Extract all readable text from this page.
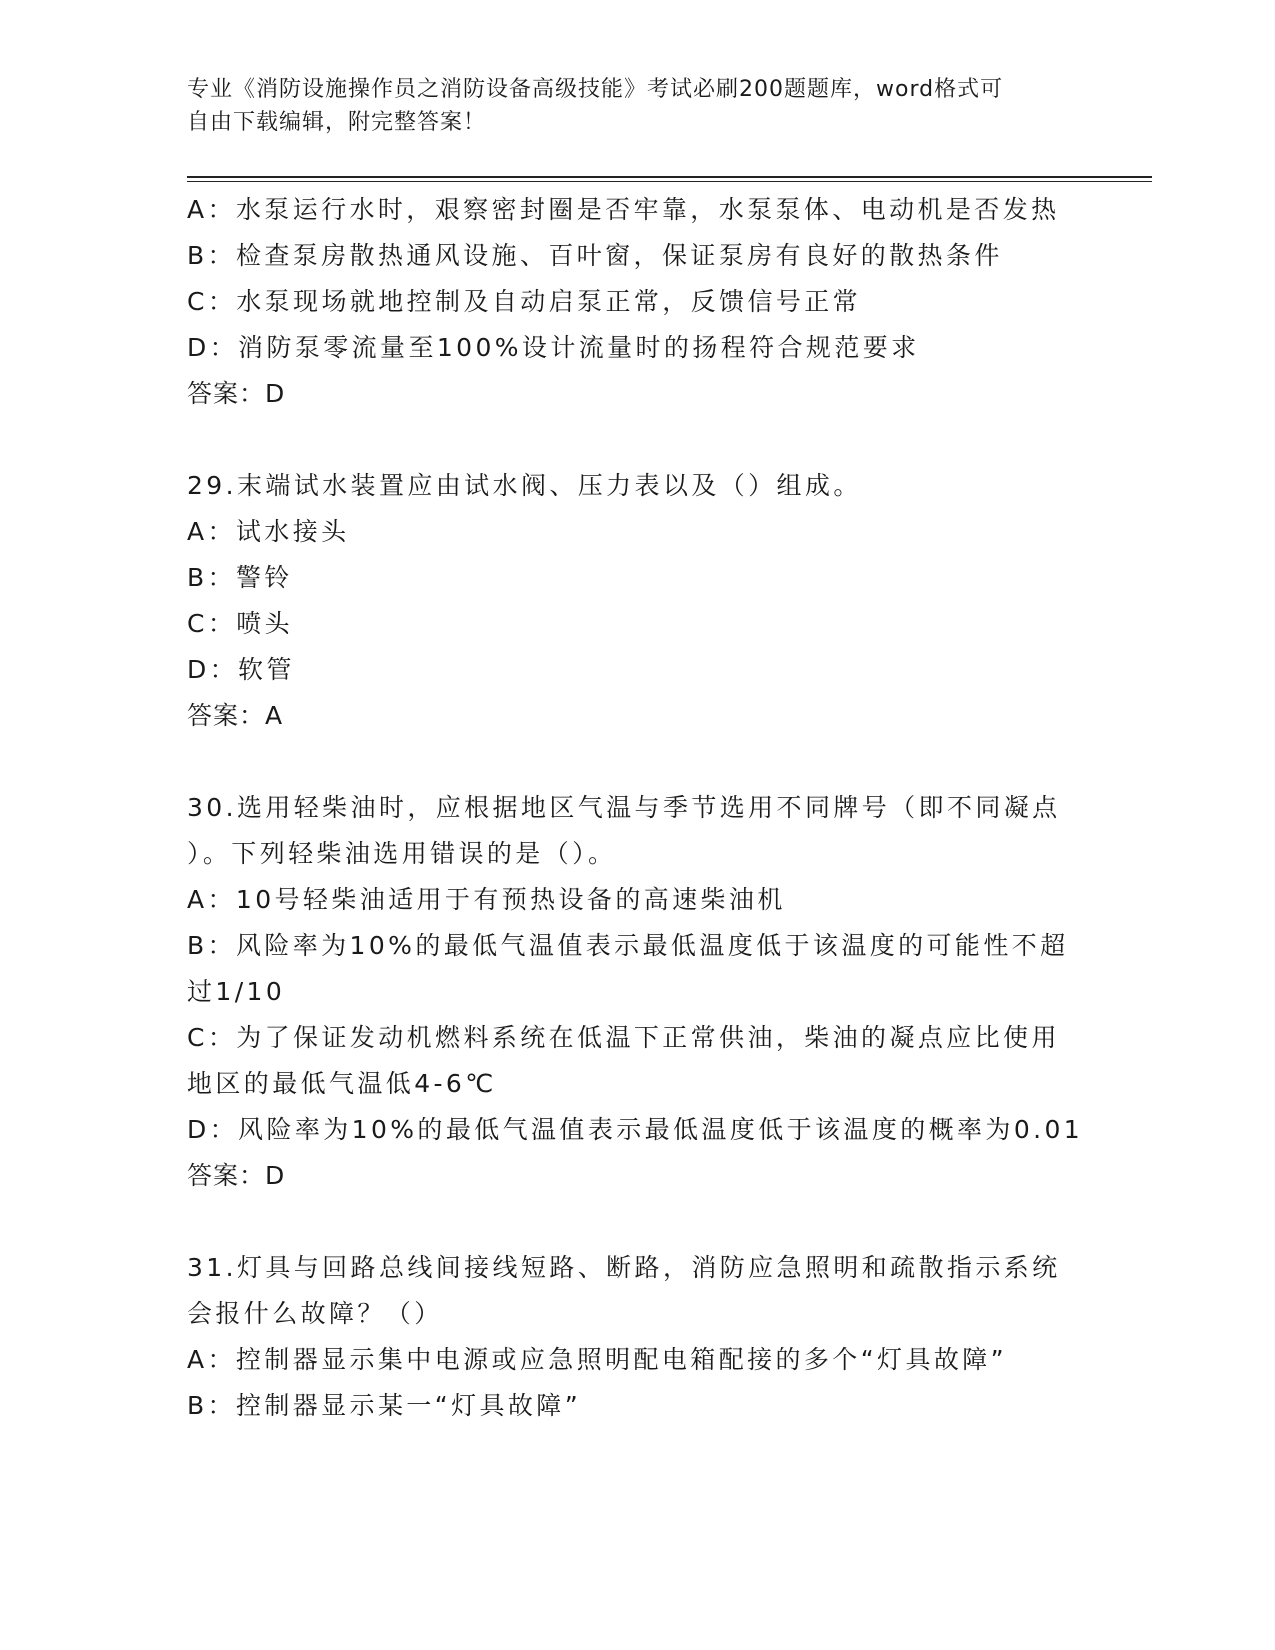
专业《消防设施操作员之消防设备高级技能》考试必刷200题题库，word格式可
自由下载编辑，附完整答案！
A：水泵运行水时，艰察密封圈是否牢靠，水泵泵体、电动机是否发热
B：检查泵房散热通风设施、百叶窗，保证泵房有良好的散热条件
C：水泵现场就地控制及自动启泵正常，反馈信号正常
D：消防泵零流量至100%设计流量时的扬程符合规范要求
答案：D
29.末端试水装置应由试水阀、压力表以及（）组成。
A：试水接头
B：警铃
C：喷头
D：软管
答案：A
30.选用轻柴油时，应根据地区气温与季节选用不同牌号（即不同凝点
）。下列轻柴油选用错误的是（）。
A：10号轻柴油适用于有预热设备的高速柴油机
B：风险率为10%的最低气温值表示最低温度低于该温度的可能性不超
过1/10
C：为了保证发动机燃料系统在低温下正常供油，柴油的凝点应比使用
地区的最低气温低4-6℃
D：风险率为10%的最低气温值表示最低温度低于该温度的概率为0.01
答案：D
31.灯具与回路总线间接线短路、断路，消防应急照明和疏散指示系统
会报什么故障？（）
A：控制器显示集中电源或应急照明配电箱配接的多个“灯具故障”
B：控制器显示某一“灯具故障”
